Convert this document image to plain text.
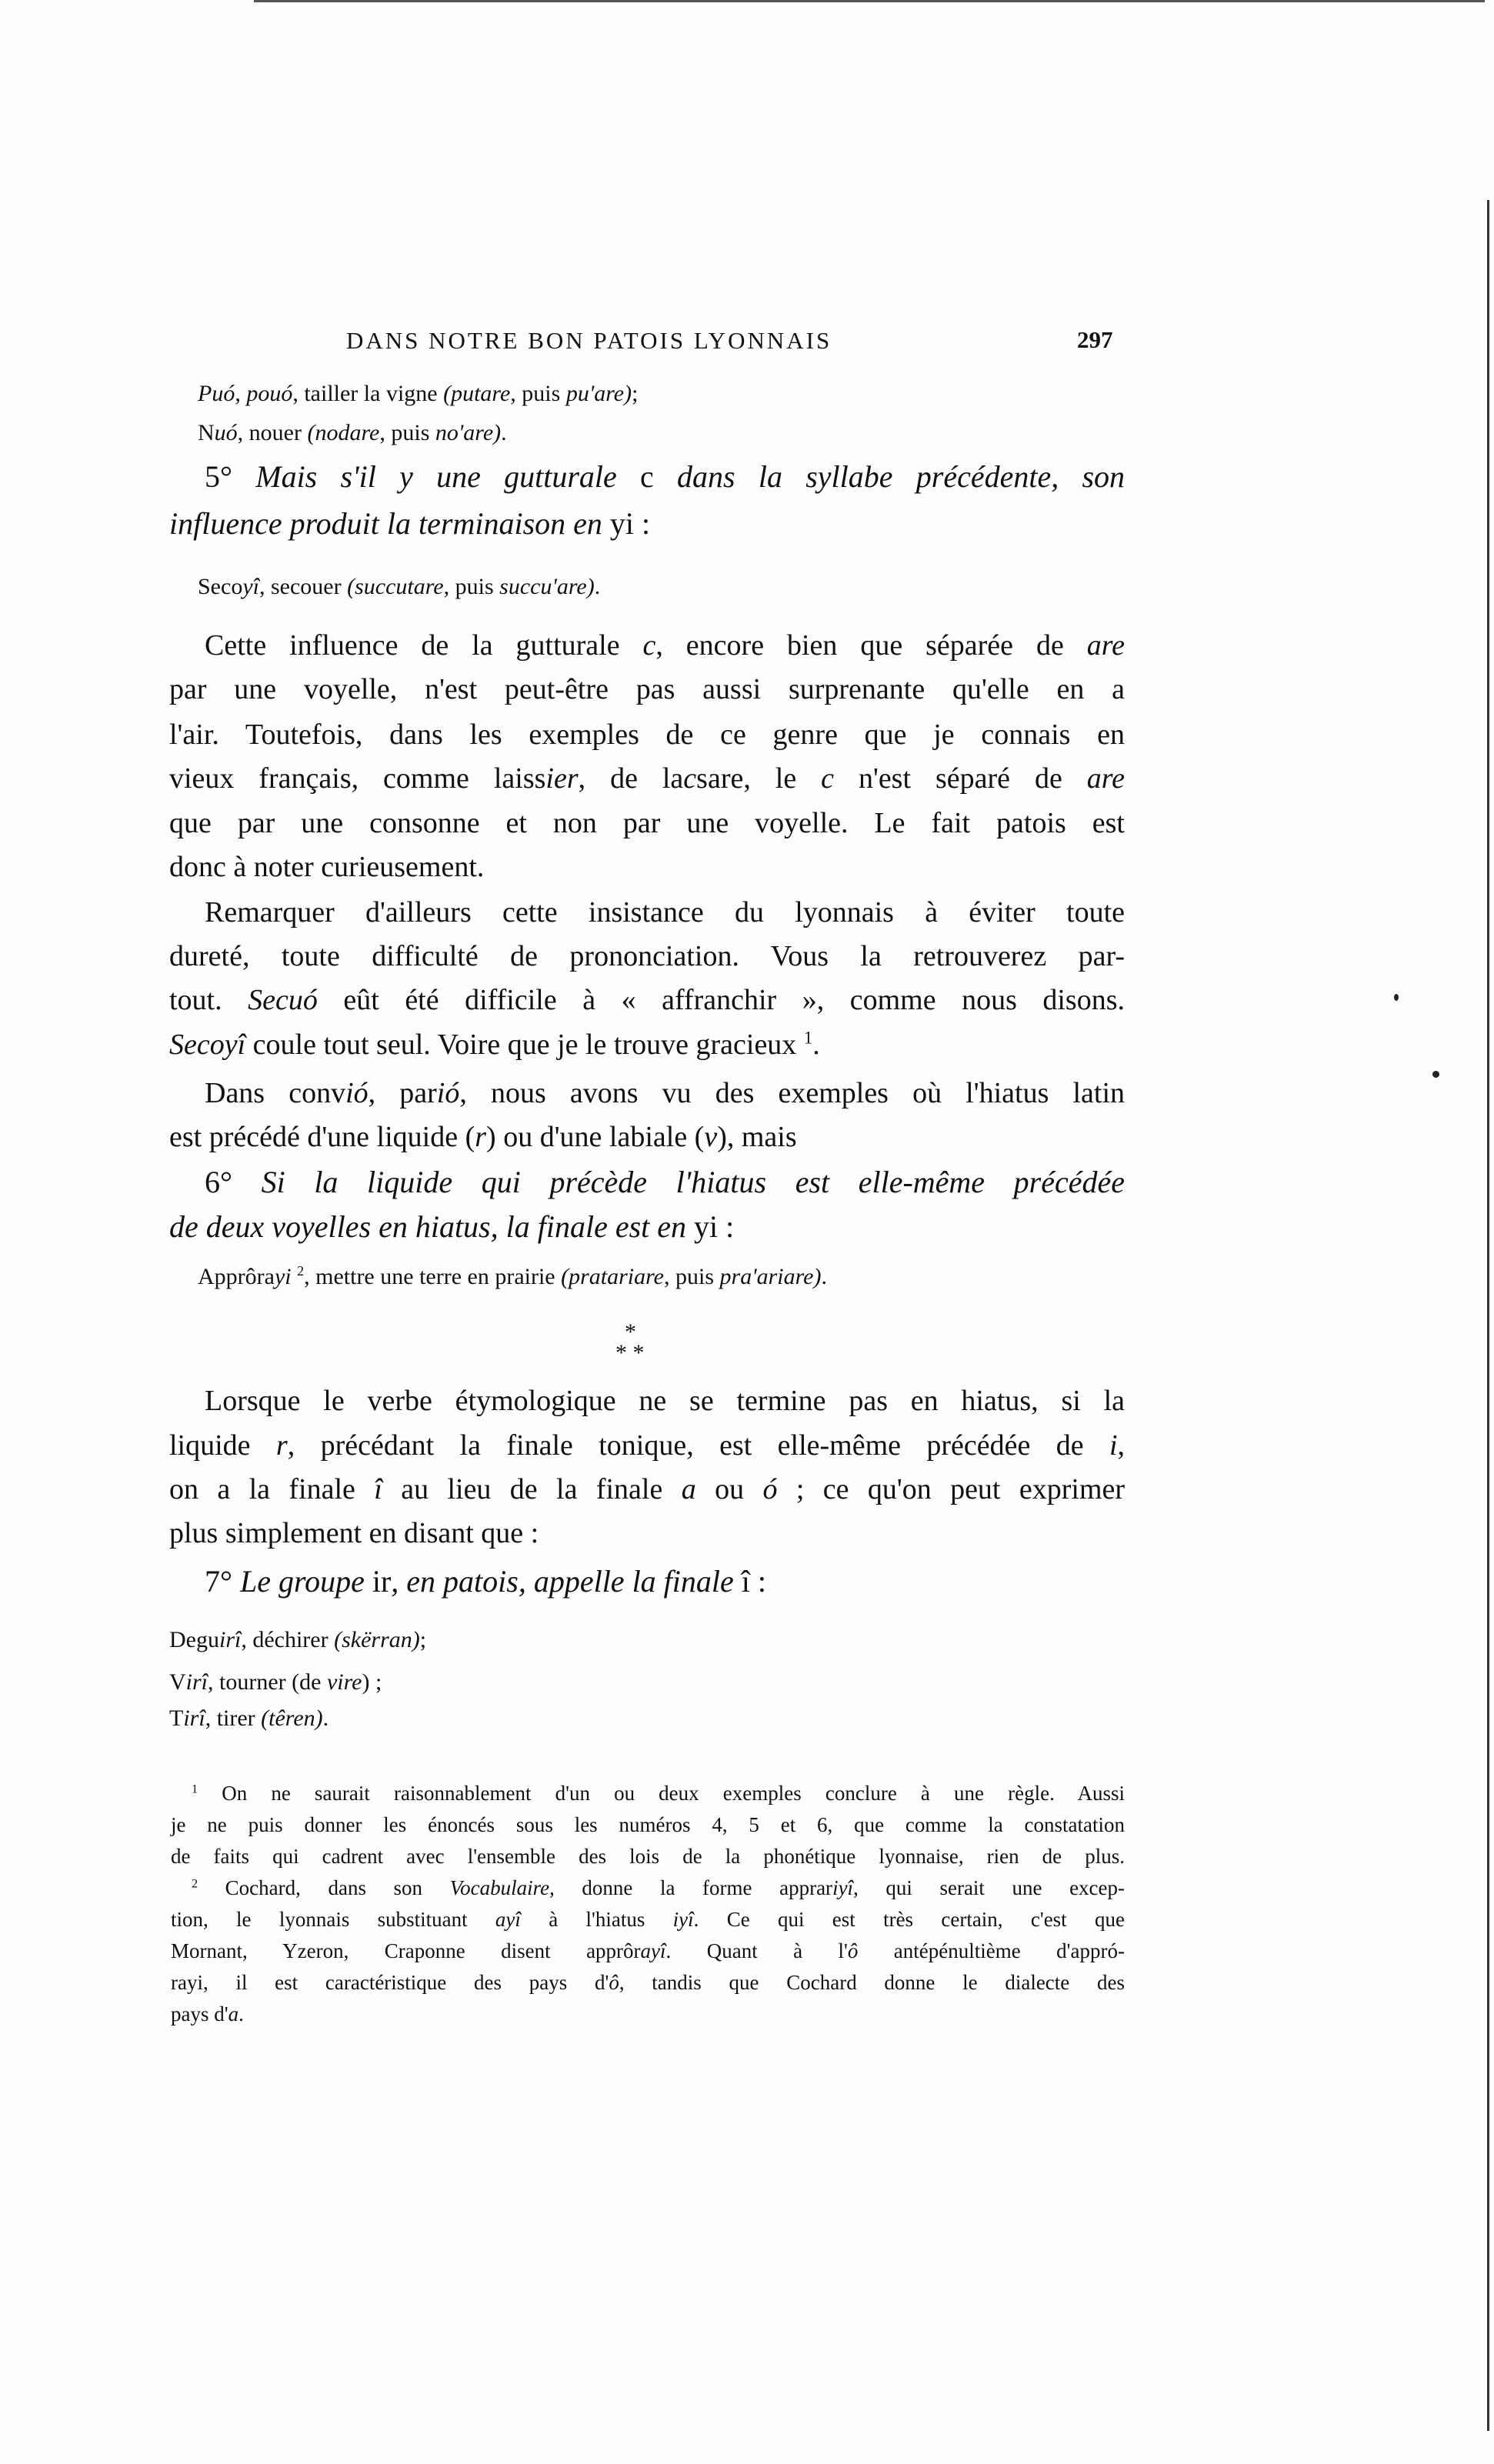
DANS NOTRE BON PATOIS LYONNAIS	297
Puó, pouó, tailler la vigne (putare, puis pu'are);
Nuó, nouer (nodare, puis no'are).
5° Mais s'il y une gutturale c dans la syllabe précédente, son
influence produit la terminaison en yi :
Secoyî, secouer (succutare, puis succu'are).
Cette influence de la gutturale c, encore bien que séparée de are
par une voyelle, n'est peut-être pas aussi surprenante qu'elle en a
l'air. Toutefois, dans les exemples de ce genre que je connais en
vieux français, comme laissier, de lacsare, le c n'est séparé de are
que par une consonne et non par une voyelle. Le fait patois est
donc à noter curieusement.
Remarquer d'ailleurs cette insistance du lyonnais à éviter toute
dureté, toute difficulté de prononciation. Vous la retrouverez par-
tout. Secuó eût été difficile à « affranchir », comme nous disons.
Secoyî coule tout seul. Voire que je le trouve gracieux $^1$.
Dans convió, parió, nous avons vu des exemples où l'hiatus latin
est précédé d'une liquide (r) ou d'une labiale (v), mais
6° Si la liquide qui précède l'hiatus est elle-même précédée
de deux voyelles en hiatus, la finale est en yi :
Apprôrayi $^2$, mettre une terre en prairie (pratariare, puis pra'ariare).
*
* *
Lorsque le verbe étymologique ne se termine pas en hiatus, si la
liquide r, précédant la finale tonique, est elle-même précédée de i,
on a la finale î au lieu de la finale a ou ó ; ce qu'on peut exprimer
plus simplement en disant que :
7° Le groupe ir, en patois, appelle la finale î :
Deguirî, déchirer (skërran);
Virî, tourner (de vire) ;
Tirî, tirer (têren).
$^1$ On ne saurait raisonnablement d'un ou deux exemples conclure à une règle. Aussi
je ne puis donner les énoncés sous les numéros 4, 5 et 6, que comme la constatation
de faits qui cadrent avec l'ensemble des lois de la phonétique lyonnaise, rien de plus.
$^2$ Cochard, dans son Vocabulaire, donne la forme apprariyî, qui serait une excep-
tion, le lyonnais substituant ayî à l'hiatus iyî. Ce qui est très certain, c'est que
Mornant, Yzeron, Craponne disent apprôrayî. Quant à l'ô antépénultième d'appró-
rayi, il est caractéristique des pays d'ô, tandis que Cochard donne le dialecte des
pays d'a.
